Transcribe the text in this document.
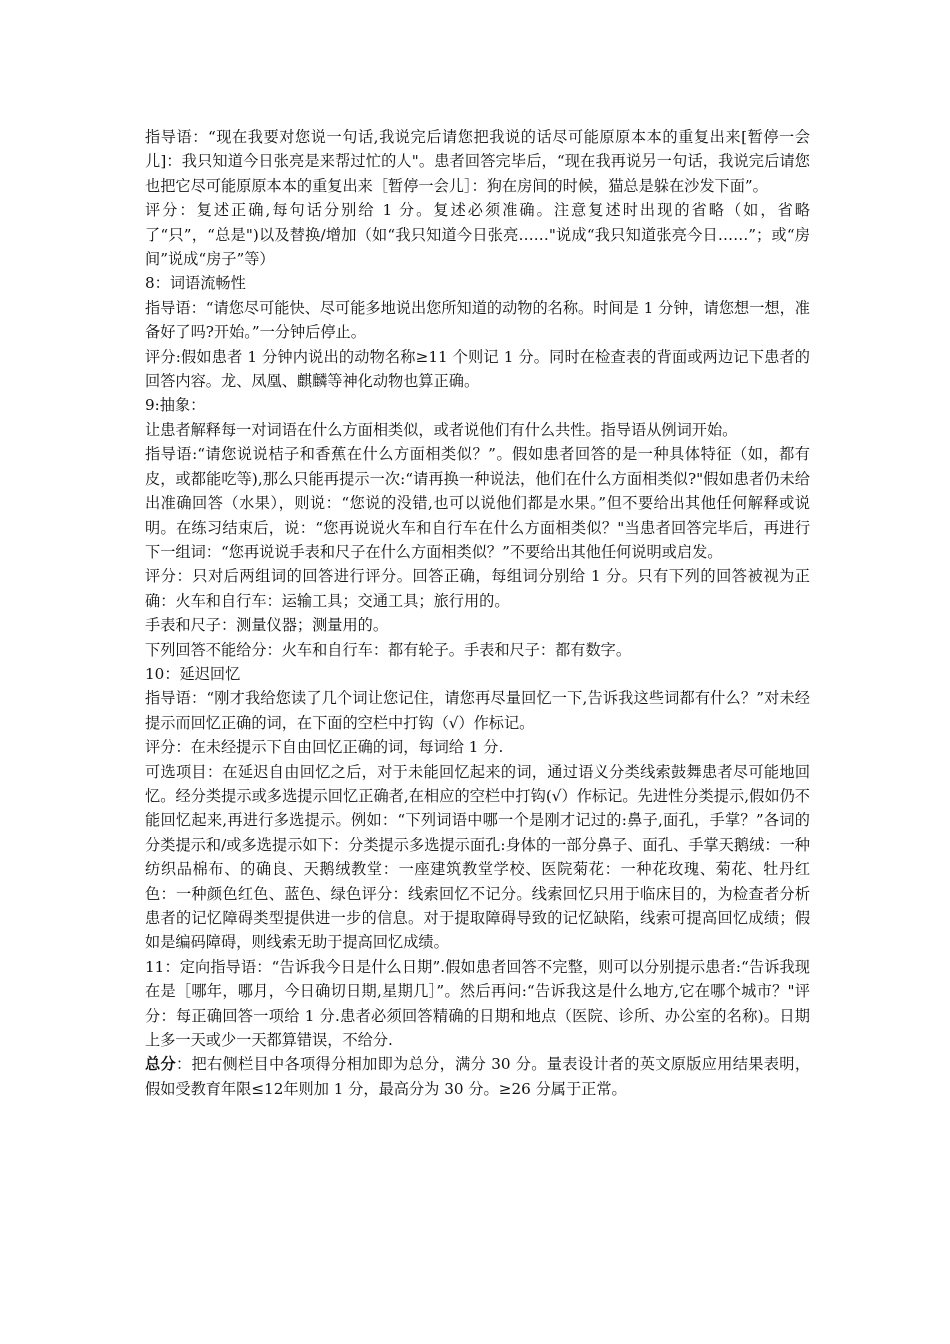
指导语：“现在我要对您说一句话,我说完后请您把我说的话尽可能原原本本的重复出来[暂停一会儿]：我只知道今日张亮是来帮过忙的人"。患者回答完毕后，“现在我再说另一句话，我说完后请您也把它尽可能原原本本的重复出来［暂停一会儿］：狗在房间的时候，猫总是躲在沙发下面”。

评分：复述正确,每句话分别给 1 分。复述必须准确。注意复述时出现的省略（如，省略了“只”，“总是")以及替换/增加（如“我只知道今日张亮……"说成“我只知道张亮今日……”；或“房间”说成“房子”等）

8：词语流畅性

指导语：“请您尽可能快、尽可能多地说出您所知道的动物的名称。时间是 1 分钟，请您想一想，准备好了吗?开始。”一分钟后停止。

评分:假如患者 1 分钟内说出的动物名称≥11 个则记 1 分。同时在检查表的背面或两边记下患者的回答内容。龙、凤凰、麒麟等神化动物也算正确。

9:抽象：

让患者解释每一对词语在什么方面相类似，或者说他们有什么共性。指导语从例词开始。

指导语:“请您说说桔子和香蕉在什么方面相类似？”。假如患者回答的是一种具体特征（如，都有皮，或都能吃等),那么只能再提示一次:“请再换一种说法，他们在什么方面相类似?"假如患者仍未给出准确回答（水果），则说：“您说的没错,也可以说他们都是水果。”但不要给出其他任何解释或说明。在练习结束后，说：“您再说说火车和自行车在什么方面相类似？"当患者回答完毕后，再进行下一组词：“您再说说手表和尺子在什么方面相类似？”不要给出其他任何说明或启发。

评分：只对后两组词的回答进行评分。回答正确，每组词分别给 1 分。只有下列的回答被视为正确：火车和自行车：运输工具；交通工具；旅行用的。

手表和尺子：测量仪器；测量用的。

下列回答不能给分：火车和自行车：都有轮子。手表和尺子：都有数字。

10：延迟回忆

指导语：“刚才我给您读了几个词让您记住，请您再尽量回忆一下,告诉我这些词都有什么？”对未经提示而回忆正确的词，在下面的空栏中打钩（√）作标记。

评分：在未经提示下自由回忆正确的词，每词给 1 分.

可选项目：在延迟自由回忆之后，对于未能回忆起来的词，通过语义分类线索鼓舞患者尽可能地回忆。经分类提示或多选提示回忆正确者,在相应的空栏中打钩(√）作标记。先进性分类提示,假如仍不能回忆起来,再进行多选提示。例如：“下列词语中哪一个是刚才记过的:鼻子,面孔，手掌？”各词的分类提示和/或多选提示如下：分类提示多选提示面孔:身体的一部分鼻子、面孔、手掌天鹅绒：一种纺织品棉布、的确良、天鹅绒教堂：一座建筑教堂学校、医院菊花：一种花玫瑰、菊花、牡丹红色：一种颜色红色、蓝色、绿色评分：线索回忆不记分。线索回忆只用于临床目的，为检查者分析患者的记忆障碍类型提供进一步的信息。对于提取障碍导致的记忆缺陷，线索可提高回忆成绩；假如是编码障碍，则线索无助于提高回忆成绩。

11：定向指导语：“告诉我今日是什么日期”.假如患者回答不完整，则可以分别提示患者:“告诉我现在是［哪年，哪月，今日确切日期,星期几］”。然后再问:“告诉我这是什么地方,它在哪个城市？"评分：每正确回答一项给 1 分.患者必须回答精确的日期和地点（医院、诊所、办公室的名称)。日期上多一天或少一天都算错误，不给分.

总分：把右侧栏目中各项得分相加即为总分，满分 30 分。量表设计者的英文原版应用结果表明，假如受教育年限≤12年则加 1 分，最高分为 30 分。≥26 分属于正常。
